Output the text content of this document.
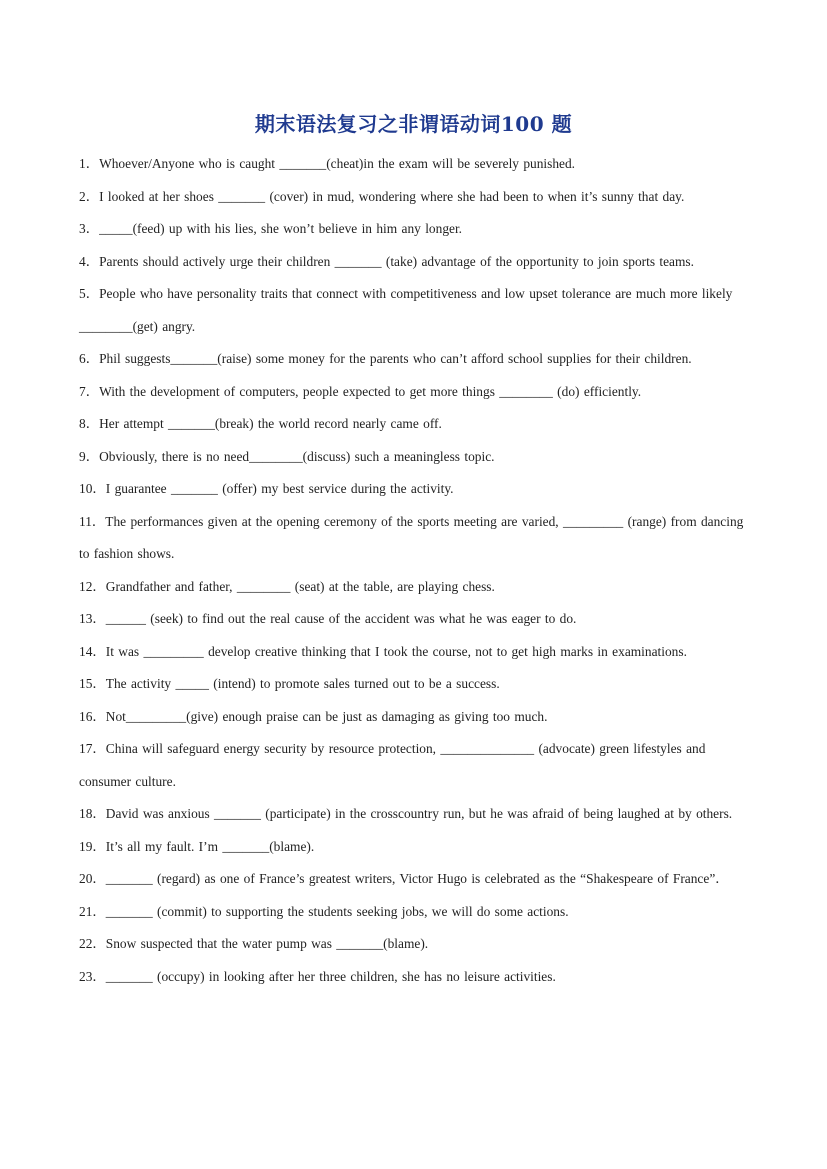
期末语法复习之非谓语动词100 题

1．Whoever/Anyone who is caught _______(cheat)in the exam will be severely punished.

2．I looked at her shoes _______ (cover) in mud, wondering where she had been to when it’s sunny that day.

3．_____(feed) up with his lies, she won’t believe in him any longer.

4．Parents should actively urge their children _______ (take) advantage of the opportunity to join sports teams.

5．People who have personality traits that connect with competitiveness and low upset tolerance are much more likely ________(get) angry.

6．Phil suggests_______(raise) some money for the parents who can’t afford school supplies for their children.

7．With the development of computers, people expected to get more things ________ (do) efficiently.

8．Her attempt _______(break) the world record nearly came off.

9．Obviously, there is no need________(discuss) such a meaningless topic.

10．I guarantee _______ (offer) my best service during the activity.

11．The performances given at the opening ceremony of the sports meeting are varied, _________ (range) from dancing to fashion shows.

12．Grandfather and father, ________ (seat) at the table, are playing chess.

13．______ (seek) to find out the real cause of the accident was what he was eager to do.

14．It was _________ develop creative thinking that I took the course, not to get high marks in examinations.

15．The activity _____ (intend) to promote sales turned out to be a success.

16．Not_________(give) enough praise can be just as damaging as giving too much.

17．China will safeguard energy security by resource protection, ______________ (advocate) green lifestyles and consumer culture.

18．David was anxious _______ (participate) in the crosscountry run, but he was afraid of being laughed at by others.

19．It’s all my fault. I’m _______(blame).

20．_______ (regard) as one of France’s greatest writers, Victor Hugo is celebrated as the “Shakespeare of France”．

21．_______ (commit) to supporting the students seeking jobs, we will do some actions.

22．Snow suspected that the water pump was _______(blame).

23．_______ (occupy) in looking after her three children, she has no leisure activities.
